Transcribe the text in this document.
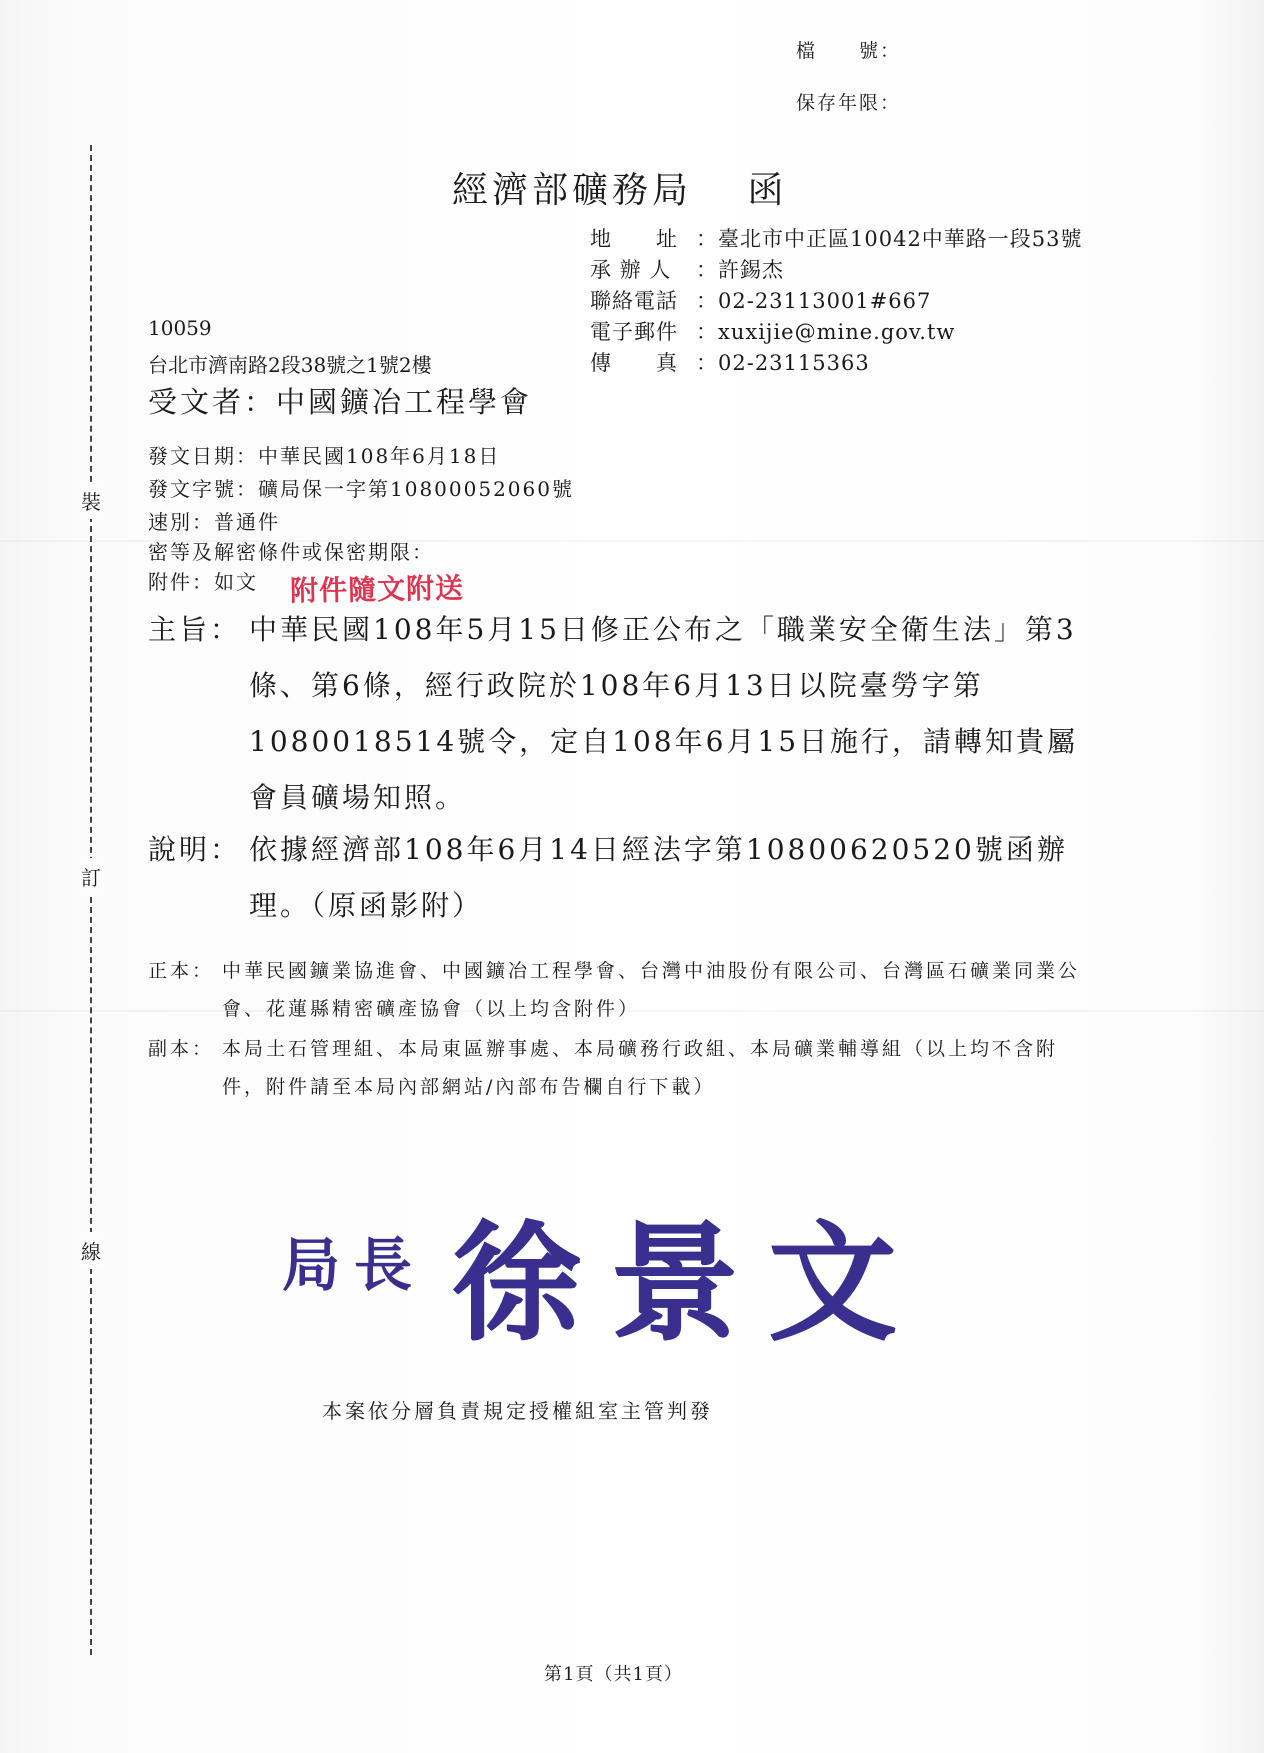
裝
訂
線
檔　　號：
保存年限：
經濟部礦務局　 函
地　　址 ：臺北市中正區10042中華路一段53號
承 辦 人 ：許錫杰
聯絡電話 ：02-23113001#667
電子郵件 ：xuxijie@mine.gov.tw
傳　　真 ：02-23115363
10059
台北市濟南路2段38號之1號2樓
受文者：中國鑛冶工程學會
發文日期：中華民國108年6月18日
發文字號：礦局保一字第10800052060號
速別：普通件
密等及解密條件或保密期限：
附件：如文 附件隨文附送
主旨： 中華民國108年5月15日修正公布之「職業安全衛生法」第3條、第6條，經行政院於108年6月13日以院臺勞字第1080018514號令，定自108年6月15日施行，請轉知貴屬會員礦場知照。
說明： 依據經濟部108年6月14日經法字第10800620520號函辦理。（原函影附）
正本： 中華民國鑛業協進會、中國鑛冶工程學會、台灣中油股份有限公司、台灣區石礦業同業公會、花蓮縣精密礦產協會（以上均含附件）
副本： 本局土石管理組、本局東區辦事處、本局礦務行政組、本局礦業輔導組（以上均不含附件，附件請至本局內部網站/內部布告欄自行下載）
局長 徐景文
本案依分層負責規定授權組室主管判發
第1頁（共1頁）
